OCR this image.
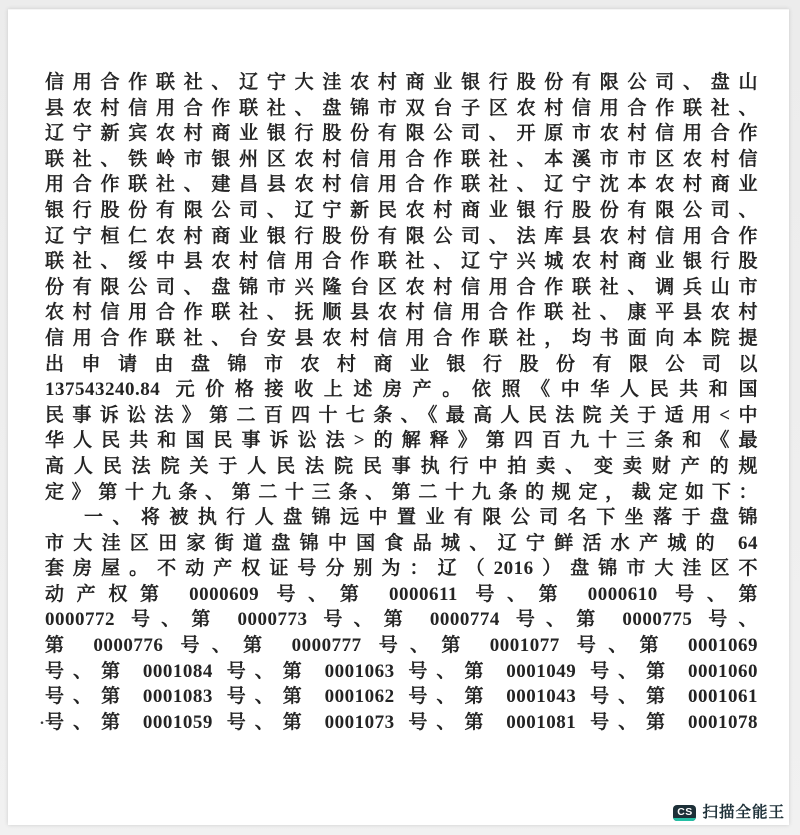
信用合作联社、辽宁大洼农村商业银行股份有限公司、盘山
县农村信用合作联社、盘锦市双台子区农村信用合作联社、
辽宁新宾农村商业银行股份有限公司、开原市农村信用合作
联社、铁岭市银州区农村信用合作联社、本溪市市区农村信
用合作联社、建昌县农村信用合作联社、辽宁沈本农村商业
银行股份有限公司、辽宁新民农村商业银行股份有限公司、
辽宁桓仁农村商业银行股份有限公司、法库县农村信用合作
联社、绥中县农村信用合作联社、辽宁兴城农村商业银行股
份有限公司、盘锦市兴隆台区农村信用合作联社、调兵山市
农村信用合作联社、抚顺县农村信用合作联社、康平县农村
信用合作联社、台安县农村信用合作联社，均书面向本院提
出申请由盘锦市农村商业银行股份有限公司以
137543240.84 元价格接收上述房产。依照《中华人民共和国
民事诉讼法》第二百四十七条、《最高人民法院关于适用<中
华人民共和国民事诉讼法>的解释》第四百九十三条和《最
高人民法院关于人民法院民事执行中拍卖、变卖财产的规
定》第十九条、第二十三条、第二十九条的规定，裁定如下：
一、将被执行人盘锦远中置业有限公司名下坐落于盘锦
市大洼区田家街道盘锦中国食品城、辽宁鲜活水产城的 64
套房屋。不动产权证号分别为：辽（2016）盘锦市大洼区不
动产权第 0000609 号、第 0000611 号、第 0000610 号、第
0000772 号、第 0000773 号、第 0000774 号、第 0000775 号、
第 0000776 号、第 0000777 号、第 0001077 号、第 0001069
号、第 0001084 号、第 0001063 号、第 0001049 号、第 0001060
号、第 0001083 号、第 0001062 号、第 0001043 号、第 0001061
号、第 0001059 号、第 0001073 号、第 0001081 号、第 0001078
.
CS 扫描全能王
